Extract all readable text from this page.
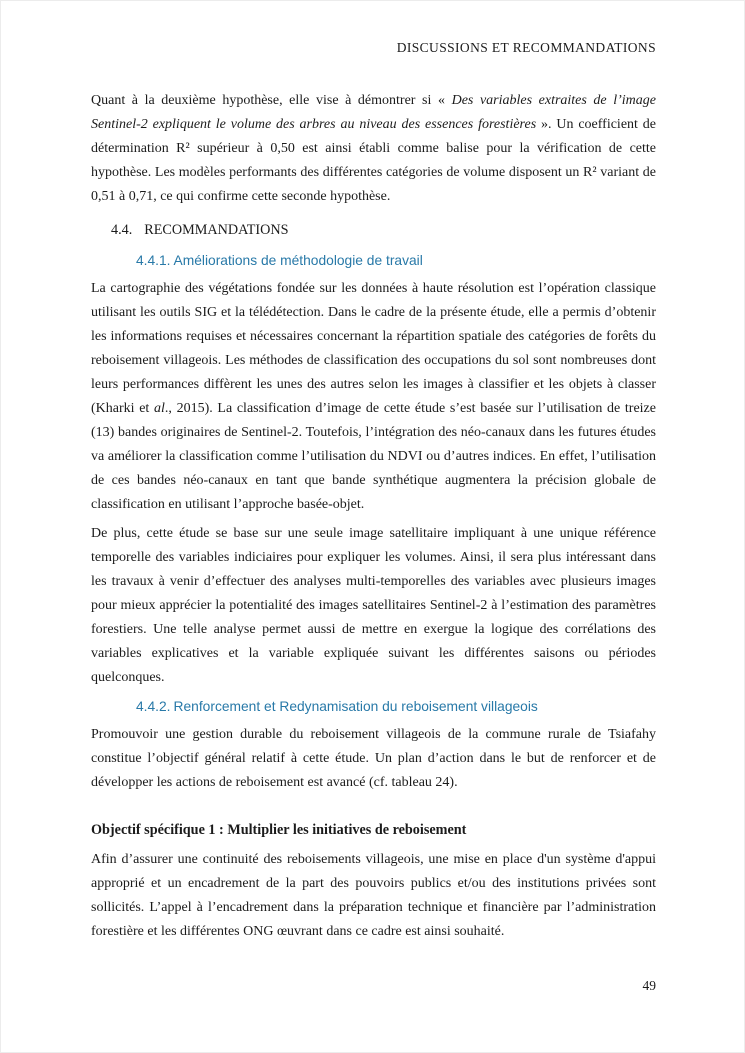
DISCUSSIONS ET RECOMMANDATIONS

Quant à la deuxième hypothèse, elle vise à démontrer si « Des variables extraites de l’image Sentinel-2 expliquent le volume des arbres au niveau des essences forestières ». Un coefficient de détermination R² supérieur à 0,50 est ainsi établi comme balise pour la vérification de cette hypothèse. Les modèles performants des différentes catégories de volume disposent un R² variant de 0,51 à 0,71, ce qui confirme cette seconde hypothèse.

4.4. RECOMMANDATIONS
4.4.1. Améliorations de méthodologie de travail

La cartographie des végétations fondée sur les données à haute résolution est l’opération classique utilisant les outils SIG et la télédétection. Dans le cadre de la présente étude, elle a permis d’obtenir les informations requises et nécessaires concernant la répartition spatiale des catégories de forêts du reboisement villageois. Les méthodes de classification des occupations du sol sont nombreuses dont leurs performances diffèrent les unes des autres selon les images à classifier et les objets à classer (Kharki et al., 2015). La classification d’image de cette étude s’est basée sur l’utilisation de treize (13) bandes originaires de Sentinel-2. Toutefois, l’intégration des néo-canaux dans les futures études va améliorer la classification comme l’utilisation du NDVI ou d’autres indices. En effet, l’utilisation de ces bandes néo-canaux en tant que bande synthétique augmentera la précision globale de classification en utilisant l’approche basée-objet.

De plus, cette étude se base sur une seule image satellitaire impliquant à une unique référence temporelle des variables indiciaires pour expliquer les volumes. Ainsi, il sera plus intéressant dans les travaux à venir d’effectuer des analyses multi-temporelles des variables avec plusieurs images pour mieux apprécier la potentialité des images satellitaires Sentinel-2 à l’estimation des paramètres forestiers. Une telle analyse permet aussi de mettre en exergue la logique des corrélations des variables explicatives et la variable expliquée suivant les différentes saisons ou périodes quelconques.

4.4.2. Renforcement et Redynamisation du reboisement villageois

Promouvoir une gestion durable du reboisement villageois de la commune rurale de Tsiafahy constitue l’objectif général relatif à cette étude. Un plan d’action dans le but de renforcer et de développer les actions de reboisement est avancé (cf. tableau 24).

Objectif spécifique 1 : Multiplier les initiatives de reboisement

Afin d’assurer une continuité des reboisements villageois, une mise en place d'un système d'appui approprié et un encadrement de la part des pouvoirs publics et/ou des institutions privées sont sollicités. L’appel à l’encadrement dans la préparation technique et financière par l’administration forestière et les différentes ONG œuvrant dans ce cadre est ainsi souhaité.

49
